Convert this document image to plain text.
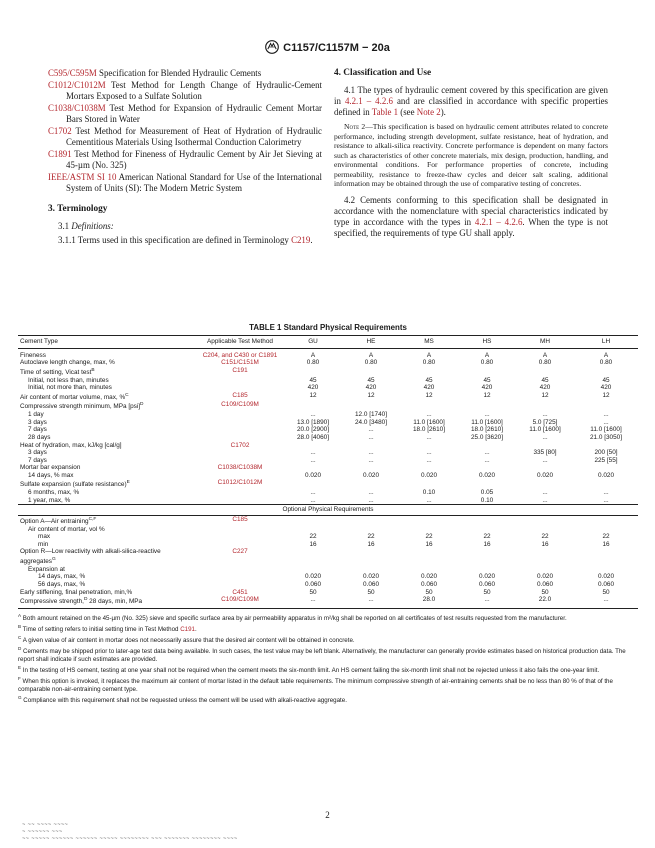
C1157/C1157M − 20a

C595/C595M Specification for Blended Hydraulic Cements

C1012/C1012M Test Method for Length Change of Hydraulic-Cement Mortars Exposed to a Sulfate Solution

C1038/C1038M Test Method for Expansion of Hydraulic Cement Mortar Bars Stored in Water

C1702 Test Method for Measurement of Heat of Hydration of Hydraulic Cementitious Materials Using Isothermal Conduction Calorimetry

C1891 Test Method for Fineness of Hydraulic Cement by Air Jet Sieving at 45-µm (No. 325)

IEEE/ASTM SI 10 American National Standard for Use of the International System of Units (SI): The Modern Metric System

3. Terminology

3.1 Definitions:

3.1.1 Terms used in this specification are defined in Terminology C219.

4. Classification and Use

4.1 The types of hydraulic cement covered by this specification are given in 4.2.1 – 4.2.6 and are classified in accordance with specific properties defined in Table 1 (see Note 2).

Note 2—This specification is based on hydraulic cement attributes related to concrete performance, including strength development, sulfate resistance, heat of hydration, and resistance to alkali-silica reactivity. Concrete performance is dependent on many factors such as characteristics of other concrete materials, mix design, production, handling, and environmental conditions. For performance properties of concrete, including permeability, resistance to freeze-thaw cycles and deicer salt scaling, additional information may be obtained through the use of comparative testing of concretes.

4.2 Cements conforming to this specification shall be designated in accordance with the nomenclature with special characteristics indicated by type in accordance with the types in 4.2.1 – 4.2.6. When the type is not specified, the requirements of type GU shall apply.

TABLE 1 Standard Physical Requirements
Cement Type	Applicable Test Method	GU	HE	MS	HS	MH	LH
Fineness	C204, and C430 or C1891	A	A	A	A	A	A
Autoclave length change, max, %	C151/C151M	0.80	0.80	0.80	0.80	0.80	0.80
Time of setting, Vicat test$^B$	C191						
Initial, not less than, minutes		45	45	45	45	45	45
Initial, not more than, minutes		420	420	420	420	420	420
Air content of mortar volume, max, %$^C$	C185	12	12	12	12	12	12
Compressive strength minimum, MPa [psi]$^D$	C109/C109M						
1 day		...	12.0 [1740]	...	...	...	...
3 days		13.0 [1890]	24.0 [3480]	11.0 [1600]	11.0 [1600]	5.0 [725]	...
7 days		20.0 [2900]	...	18.0 [2610]	18.0 [2610]	11.0 [1600]	11.0 [1600]
28 days		28.0 [4060]	...	...	25.0 [3620]	...	21.0 [3050]
Heat of hydration, max, kJ/kg [cal/g]	C1702						
3 days		...	...	...	...	335 [80]	200 [50]
7 days		...	...	...	...	...	225 [55]
Mortar bar expansion	C1038/C1038M						
14 days, % max		0.020	0.020	0.020	0.020	0.020	0.020
Sulfate expansion (sulfate resistance)$^E$	C1012/C1012M						
6 months, max, %		...	...	0.10	0.05	...	...
1 year, max, %		...	...	...	0.10	...	...
Optional Physical Requirements							
Option A—Air entraining$^{C,F}$	C185						
Air content of mortar, vol %							
max		22	22	22	22	22	22
min		16	16	16	16	16	16
Option R—Low reactivity with alkali-silica-reactive aggregates$^G$	C227						
Expansion at							
14 days, max, %		0.020	0.020	0.020	0.020	0.020	0.020
56 days, max, %		0.060	0.060	0.060	0.060	0.060	0.060
Early stiffening, final penetration, min,%	C451	50	50	50	50	50	50
Compressive strength,$^D$ 28 days, min, MPa	C109/C109M	...	...	28.0	...	22.0	...
$^A$ Both amount retained on the 45-µm (No. 325) sieve and specific surface area by air permeability apparatus in m²/kg shall be reported on all certificates of test results requested from the manufacturer.
$^B$ Time of setting refers to initial setting time in Test Method C191.
$^C$ A given value of air content in mortar does not necessarily assure that the desired air content will be obtained in concrete.
$^D$ Cements may be shipped prior to later-age test data being available. In such cases, the test value may be left blank. Alternatively, the manufacturer can generally provide estimates based on historical production data. The report shall indicate if such estimates are provided.
$^E$ In the testing of HS cement, testing at one year shall not be required when the cement meets the six-month limit. An HS cement failing the six-month limit shall not be rejected unless it also fails the one-year limit.
$^F$ When this option is invoked, it replaces the maximum air content of mortar listed in the default table requirements. The minimum compressive strength of air-entraining cements shall be no less than 80 % of that of the comparable non-air-entraining cement type.
$^G$ Compliance with this requirement shall not be requested unless the cement will be used with alkali-reactive aggregate.
2
~ ~~ ~~~~ ~~~~
~ ~~~~~~ ~~~
~~ ~~~~~ ~~~~~~ ~~~~~~ ~~~~~ ~~~~~~~~ ~~~ ~~~~~~~ ~~~~~~~~ ~~~~
